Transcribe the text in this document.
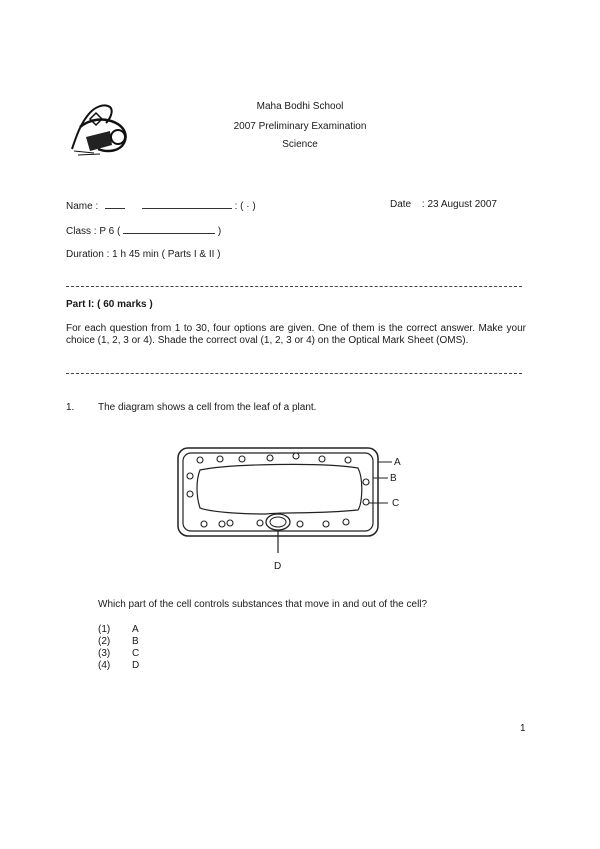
Maha Bodhi School
2007 Preliminary Examination
Science
Name :	: ( · )	Date : 23 August 2007
Class : P 6 (	)
Duration : 1 h 45 min ( Parts I & II )
Part I: ( 60 marks )
For each question from 1 to 30, four options are given. One of them is the correct answer. Make your choice (1, 2, 3 or 4). Shade the correct oval (1, 2, 3 or 4) on the Optical Mark Sheet (OMS).
1. The diagram shows a cell from the leaf of a plant.
A
B
C
D
Which part of the cell controls substances that move in and out of the cell?
(1) A
(2) B
(3) C
(4) D
1
